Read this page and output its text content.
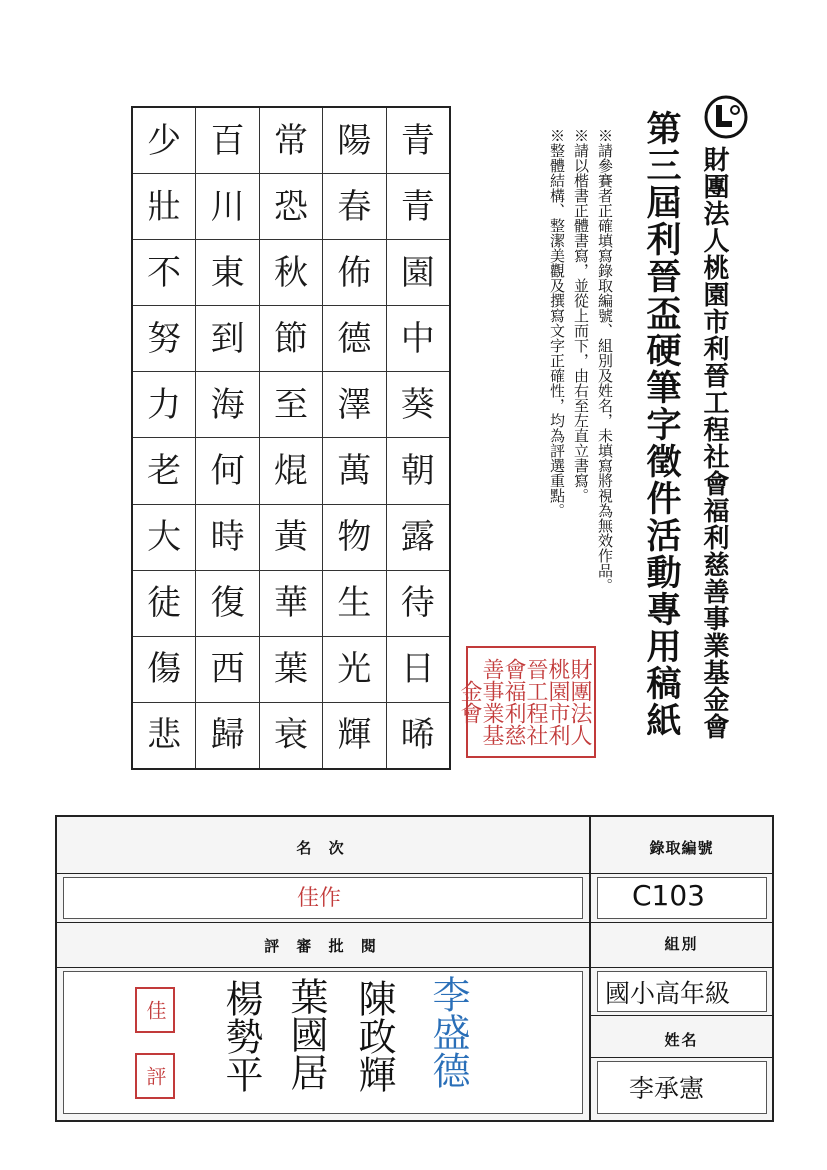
財團法人桃園市利晉工程社會福利慈善事業基金會
第三屆利晉盃硬筆字徵件活動專用稿紙
※請參賽者正確填寫錄取編號、組別及姓名，未填寫將視為無效作品。
※請以楷書正體書寫，並從上而下，由右至左直立書寫。
※整體結構、整潔美觀及撰寫文字正確性，均為評選重點。
財團法人
桃園市利
晉工程社
會福利慈
善事業基
金會
青
青
園
中
葵
朝
露
待
日
晞
陽
春
佈
德
澤
萬
物
生
光
輝
常
恐
秋
節
至
焜
黃
華
葉
衰
百
川
東
到
海
何
時
復
西
歸
少
壯
不
努
力
老
大
徒
傷
悲
名 次
評 審 批 閱
錄取編號
組別
姓名
佳作	C103
國小高年級
李承憲
佳
評 楊勢平 葉國居 陳政輝 李盛德
